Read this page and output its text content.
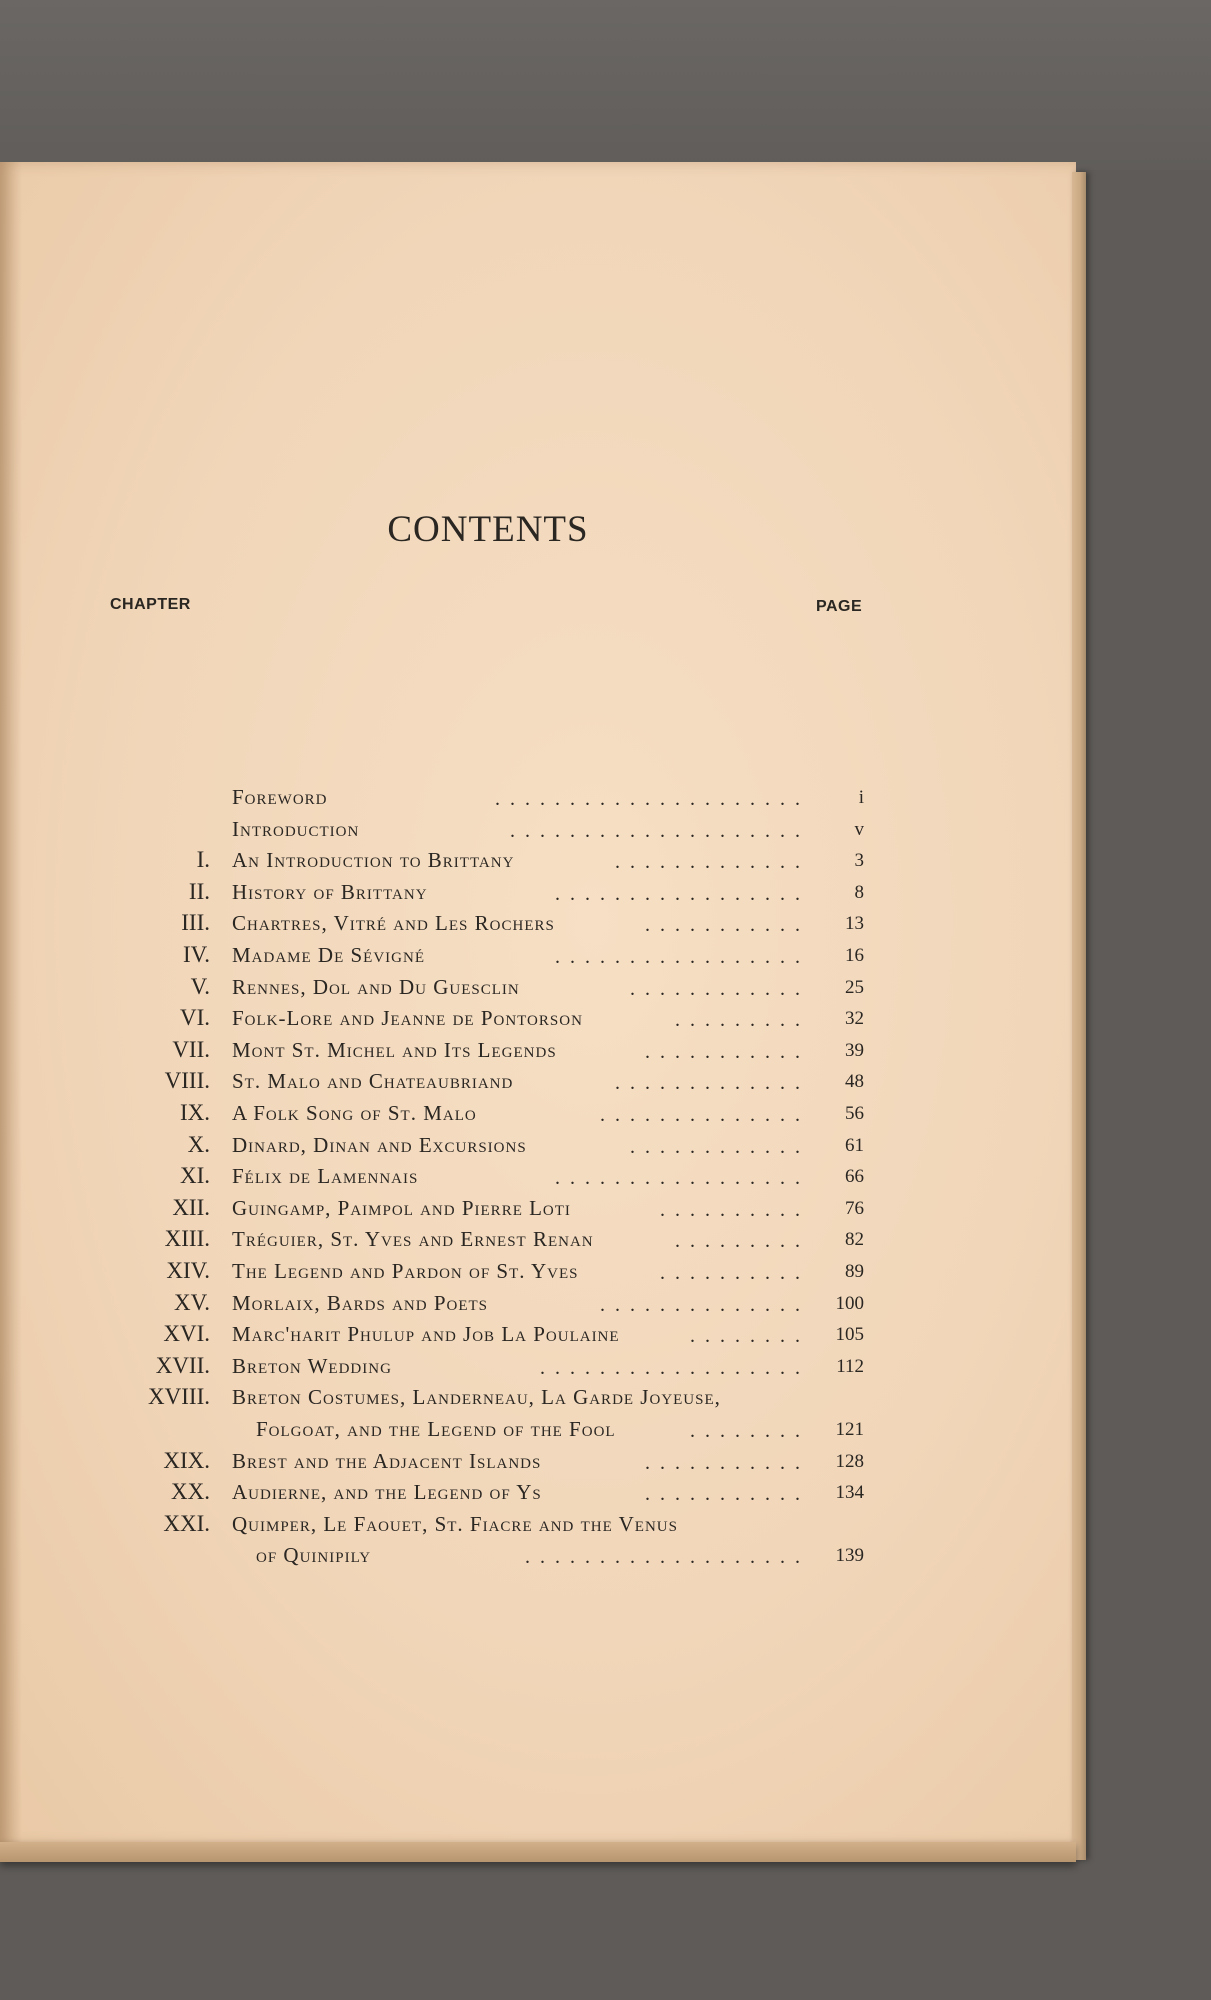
CONTENTS
CHAPTER	PAGE
Foreword	i
.....................
Introduction	v
....................
I. An Introduction to Brittany	3
.............
II. History of Brittany	8
.................
III. Chartres, Vitré and Les Rochers	13
...........
IV. Madame De Sévigné	16
.................
V. Rennes, Dol and Du Guesclin	25
............
VI. Folk-Lore and Jeanne de Pontorson	32
.........
VII. Mont St. Michel and Its Legends	39
...........
VIII. St. Malo and Chateaubriand	48
.............
IX. A Folk Song of St. Malo	56
..............
X. Dinard, Dinan and Excursions	61
............
XI. Félix de Lamennais	66
.................
XII. Guingamp, Paimpol and Pierre Loti	76
..........
XIII. Tréguier, St. Yves and Ernest Renan	82
.........
XIV. The Legend and Pardon of St. Yves	89
..........
XV. Morlaix, Bards and Poets	100
..............
XVI. Marc'harit Phulup and Job La Poulaine	105
........
XVII. Breton Wedding	112
..................
XVIII. Breton Costumes, Landerneau, La Garde Joyeuse,
Folgoat, and the Legend of the Fool	121
........
XIX. Brest and the Adjacent Islands	128
...........
XX. Audierne, and the Legend of Ys	134
...........
XXI. Quimper, Le Faouet, St. Fiacre and the Venus
of Quinipily	139
...................
